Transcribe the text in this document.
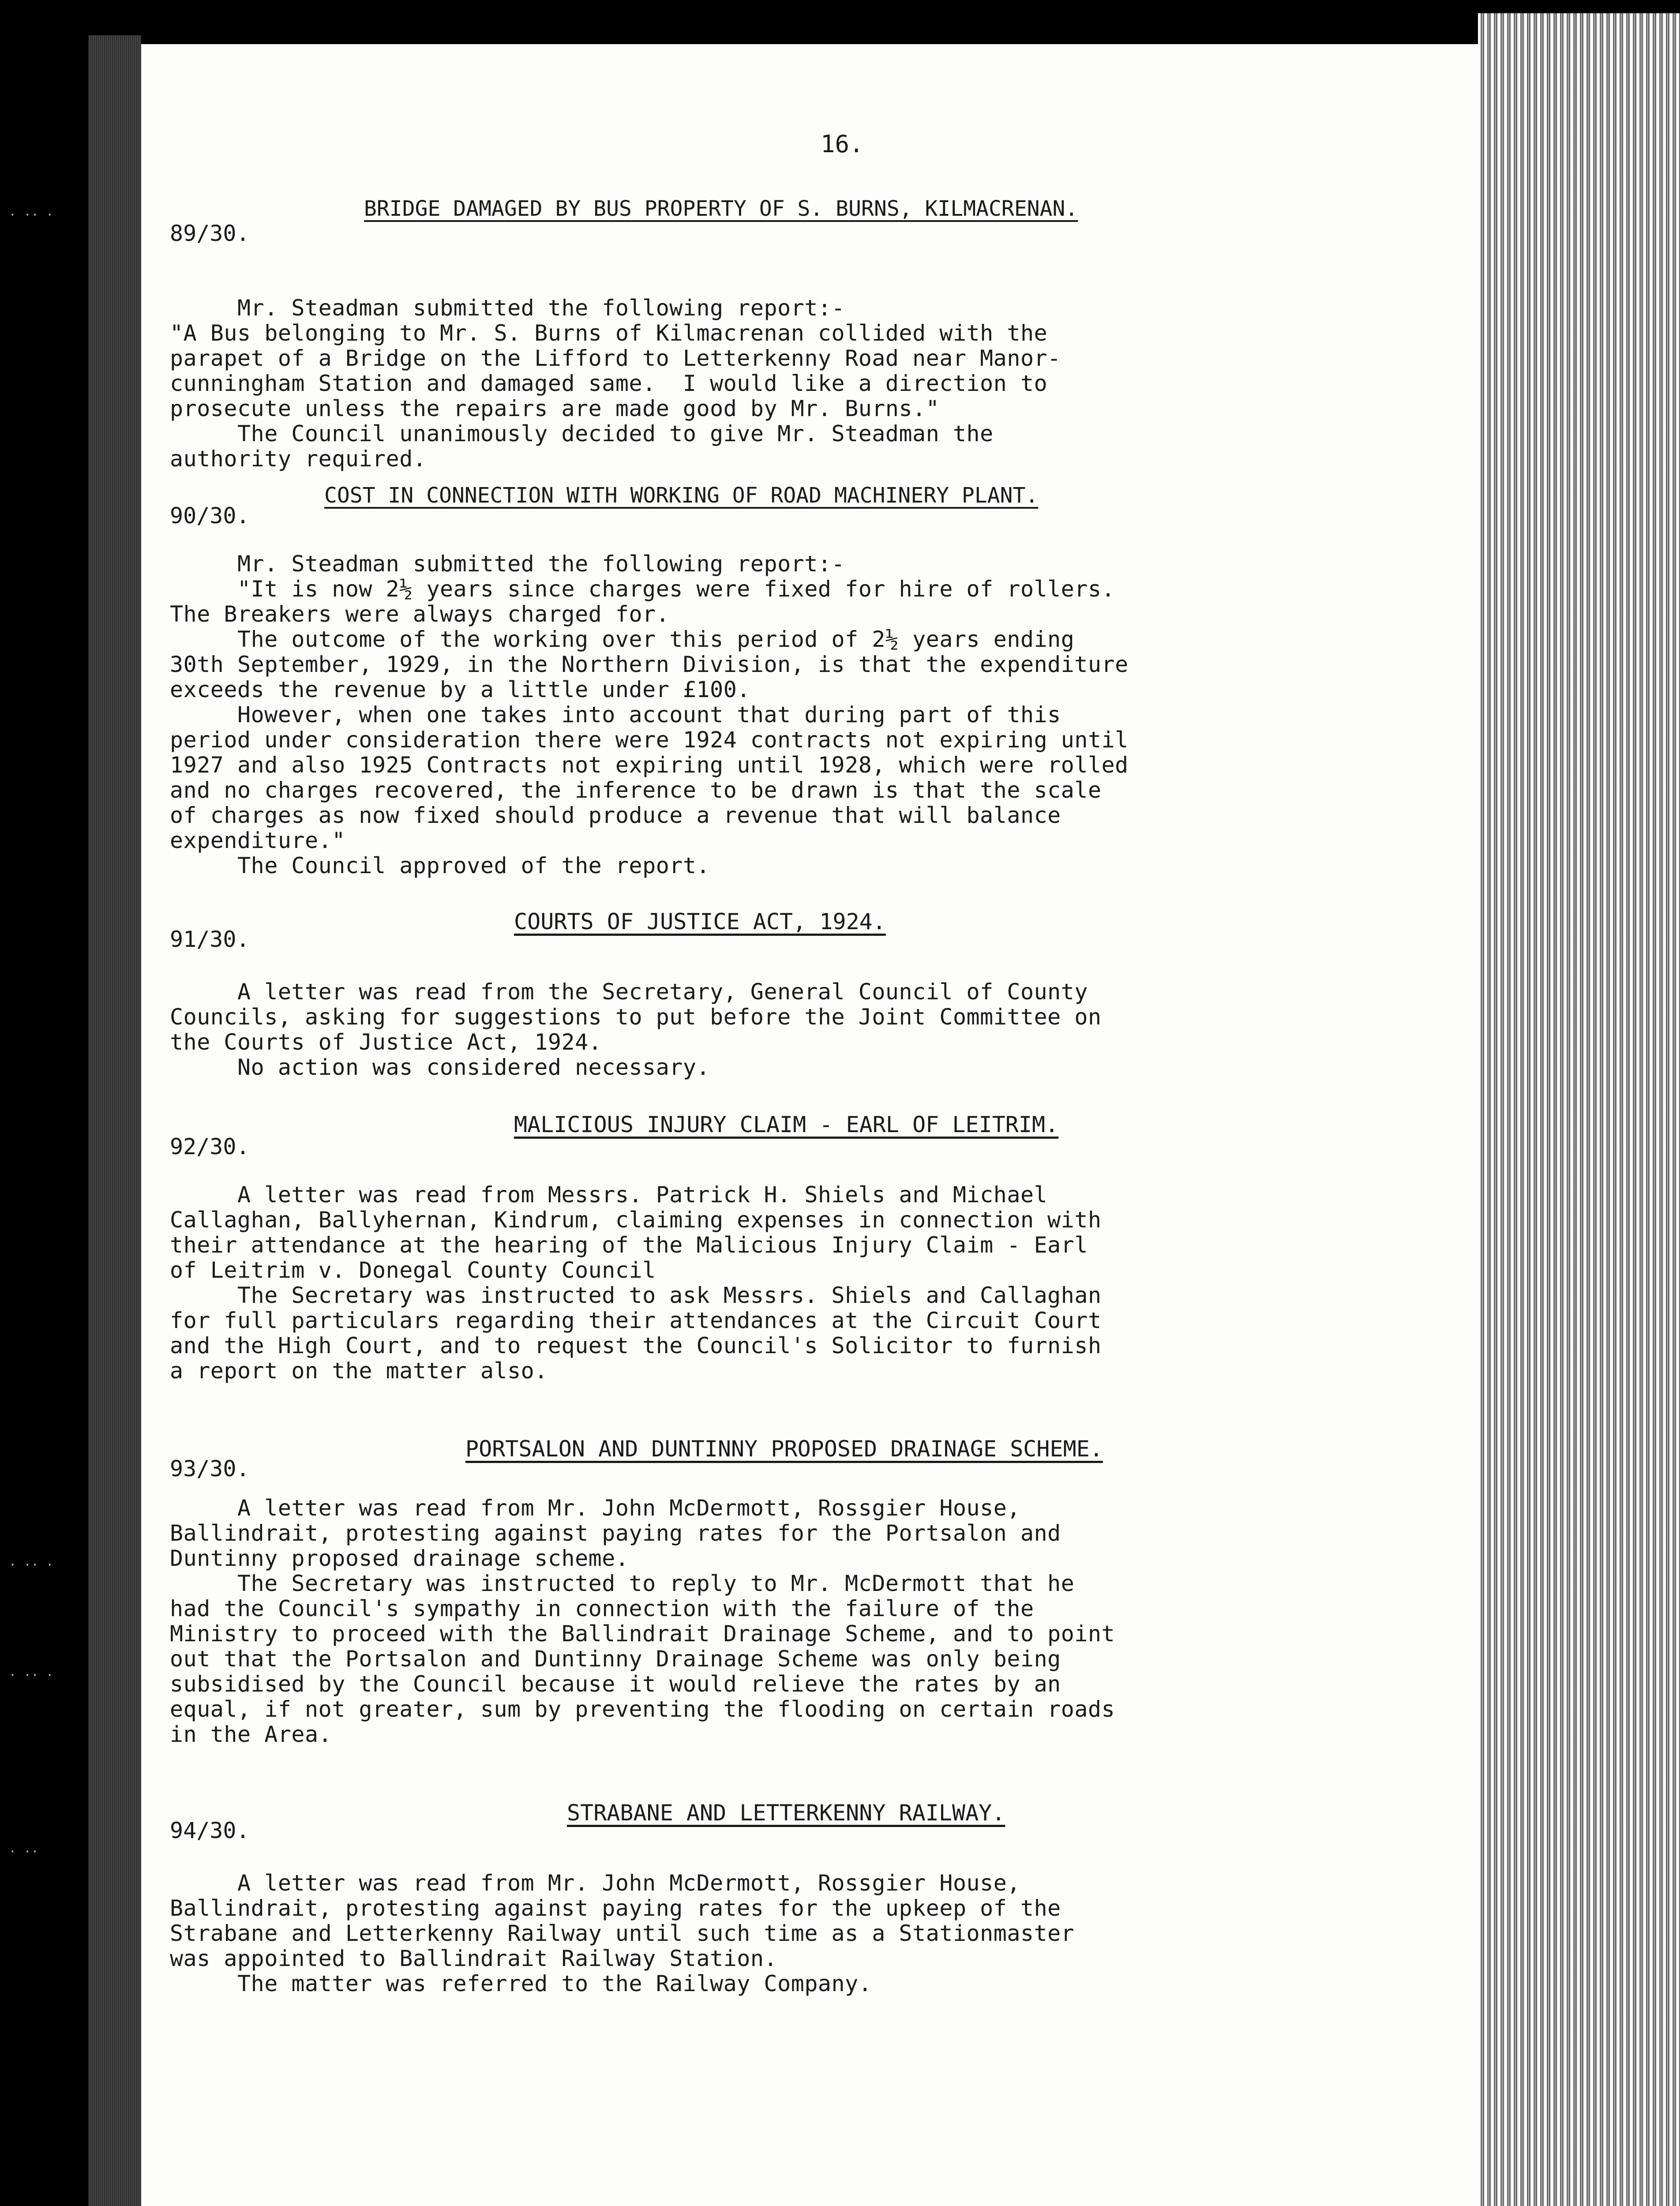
· ·· ·
· ·· ·
· ·· ·
· ··
16.
89/30.
BRIDGE DAMAGED BY BUS PROPERTY OF S. BURNS, KILMACRENAN.
Mr. Steadman submitted the following report:-
"A Bus belonging to Mr. S. Burns of Kilmacrenan collided with the
parapet of a Bridge on the Lifford to Letterkenny Road near Manor-
cunningham Station and damaged same.  I would like a direction to
prosecute unless the repairs are made good by Mr. Burns."
The Council unanimously decided to give Mr. Steadman the
authority required.
90/30.
COST IN CONNECTION WITH WORKING OF ROAD MACHINERY PLANT.
Mr. Steadman submitted the following report:-
"It is now 2½ years since charges were fixed for hire of rollers.
The Breakers were always charged for.
The outcome of the working over this period of 2½ years ending
30th September, 1929, in the Northern Division, is that the expenditure
exceeds the revenue by a little under £100.
However, when one takes into account that during part of this
period under consideration there were 1924 contracts not expiring until
1927 and also 1925 Contracts not expiring until 1928, which were rolled
and no charges recovered, the inference to be drawn is that the scale
of charges as now fixed should produce a revenue that will balance
expenditure."
The Council approved of the report.
91/30.
COURTS OF JUSTICE ACT, 1924.
A letter was read from the Secretary, General Council of County
Councils, asking for suggestions to put before the Joint Committee on
the Courts of Justice Act, 1924.
No action was considered necessary.
92/30.
MALICIOUS INJURY CLAIM - EARL OF LEITRIM.
A letter was read from Messrs. Patrick H. Shiels and Michael
Callaghan, Ballyhernan, Kindrum, claiming expenses in connection with
their attendance at the hearing of the Malicious Injury Claim - Earl
of Leitrim v. Donegal County Council
The Secretary was instructed to ask Messrs. Shiels and Callaghan
for full particulars regarding their attendances at the Circuit Court
and the High Court, and to request the Council's Solicitor to furnish
a report on the matter also.
93/30.
PORTSALON AND DUNTINNY PROPOSED DRAINAGE SCHEME.
A letter was read from Mr. John McDermott, Rossgier House,
Ballindrait, protesting against paying rates for the Portsalon and
Duntinny proposed drainage scheme.
The Secretary was instructed to reply to Mr. McDermott that he
had the Council's sympathy in connection with the failure of the
Ministry to proceed with the Ballindrait Drainage Scheme, and to point
out that the Portsalon and Duntinny Drainage Scheme was only being
subsidised by the Council because it would relieve the rates by an
equal, if not greater, sum by preventing the flooding on certain roads
in the Area.
94/30.
STRABANE AND LETTERKENNY RAILWAY.
A letter was read from Mr. John McDermott, Rossgier House,
Ballindrait, protesting against paying rates for the upkeep of the
Strabane and Letterkenny Railway until such time as a Stationmaster
was appointed to Ballindrait Railway Station.
The matter was referred to the Railway Company.
